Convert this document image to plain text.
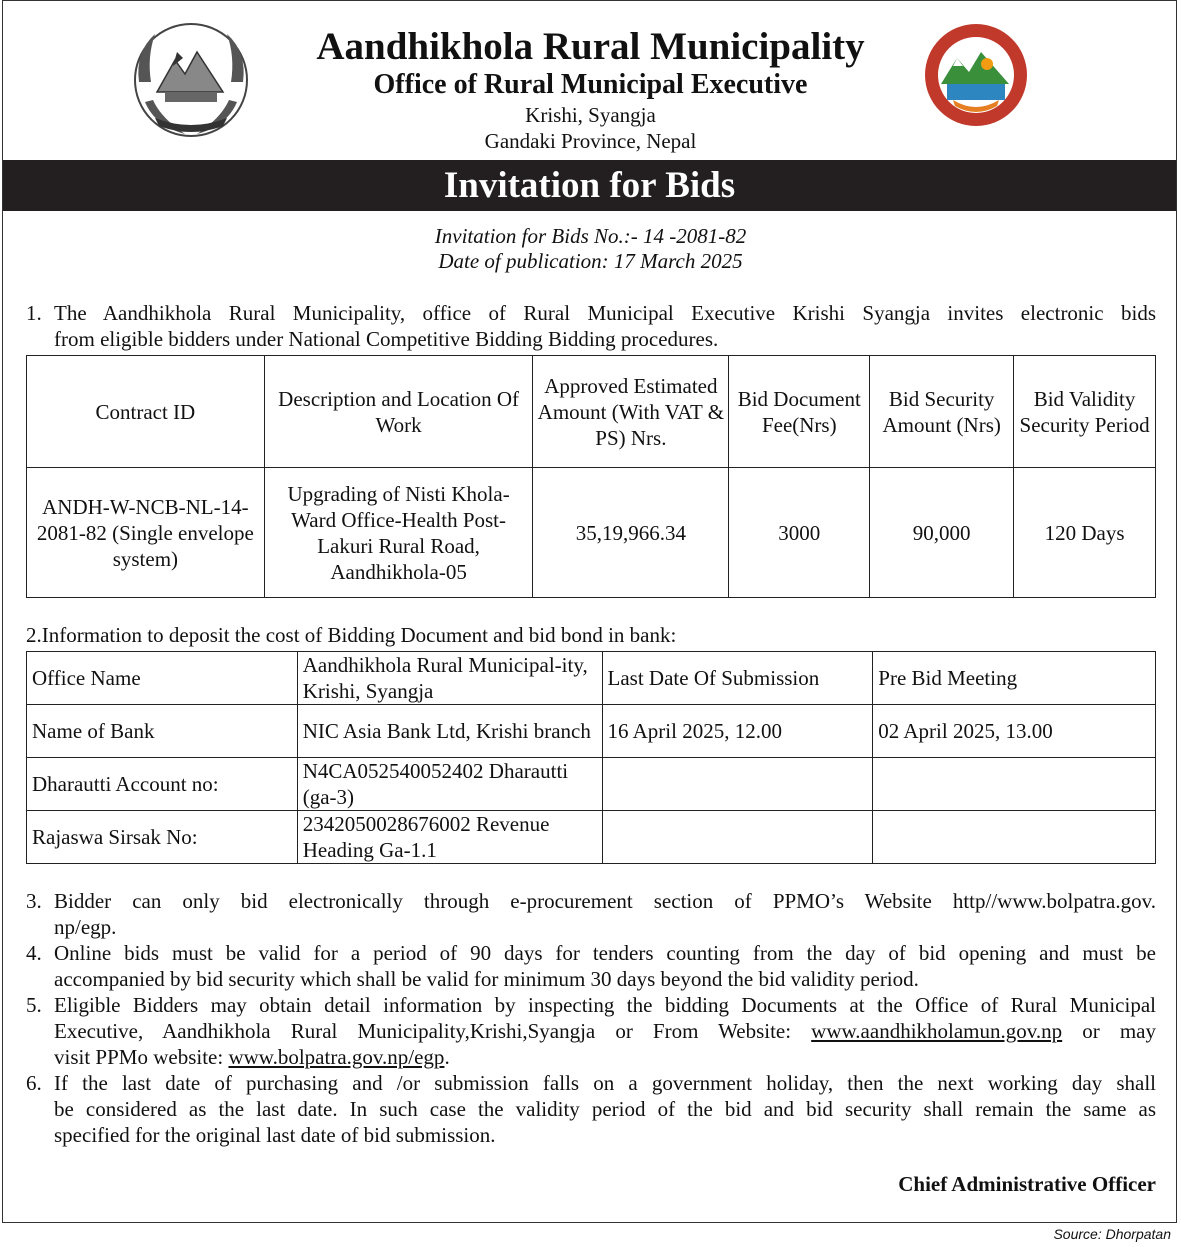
Aandhikhola Rural Municipality
Office of Rural Municipal Executive
Krishi, Syangja
Gandaki Province, Nepal
Invitation for Bids
Invitation for Bids No.:- 14 -2081-82
Date of publication: 17 March 2025
1. The Aandhikhola Rural Municipality, office of Rural Municipal Executive Krishi Syangja invites electronic bids
from eligible bidders under National Competitive Bidding Bidding procedures.
Contract ID	Description and Location Of Work	Approved Estimated Amount (With VAT & PS) Nrs.	Bid Document Fee(Nrs)	Bid Security Amount (Nrs)	Bid Validity Security Period
ANDH-W-NCB-NL-14-2081-82 (Single envelope system)	Upgrading of Nisti Khola-Ward Office-Health Post-Lakuri Rural Road, Aandhikhola-05	35,19,966.34	3000	90,000	120 Days
2.Information to deposit the cost of Bidding Document and bid bond in bank:
Office Name	Aandhikhola Rural Municipal-ity, Krishi, Syangja	Last Date Of Submission	Pre Bid Meeting
Name of Bank	NIC Asia Bank Ltd, Krishi branch	16 April 2025, 12.00	02 April 2025, 13.00
Dharautti Account no:	N4CA052540052402 Dharautti (ga-3)		
Rajaswa Sirsak No:	2342050028676002 Revenue Heading Ga-1.1		
3. Bidder can only bid electronically through e-procurement section of PPMO’s Website http//www.bolpatra.gov.
np/egp.
4. Online bids must be valid for a period of 90 days for tenders counting from the day of bid opening and must be
accompanied by bid security which shall be valid for minimum 30 days beyond the bid validity period.
5. Eligible Bidders may obtain detail information by inspecting the bidding Documents at the Office of Rural Municipal
Executive, Aandhikhola Rural Municipality,Krishi,Syangja or From Website: www.aandhikholamun.gov.np or may
visit PPMo website: www.bolpatra.gov.np/egp.
6. If the last date of purchasing and /or submission falls on a government holiday, then the next working day shall
be considered as the last date. In such case the validity period of the bid and bid security shall remain the same as
specified for the original last date of bid submission.
Chief Administrative Officer
Source: Dhorpatan
